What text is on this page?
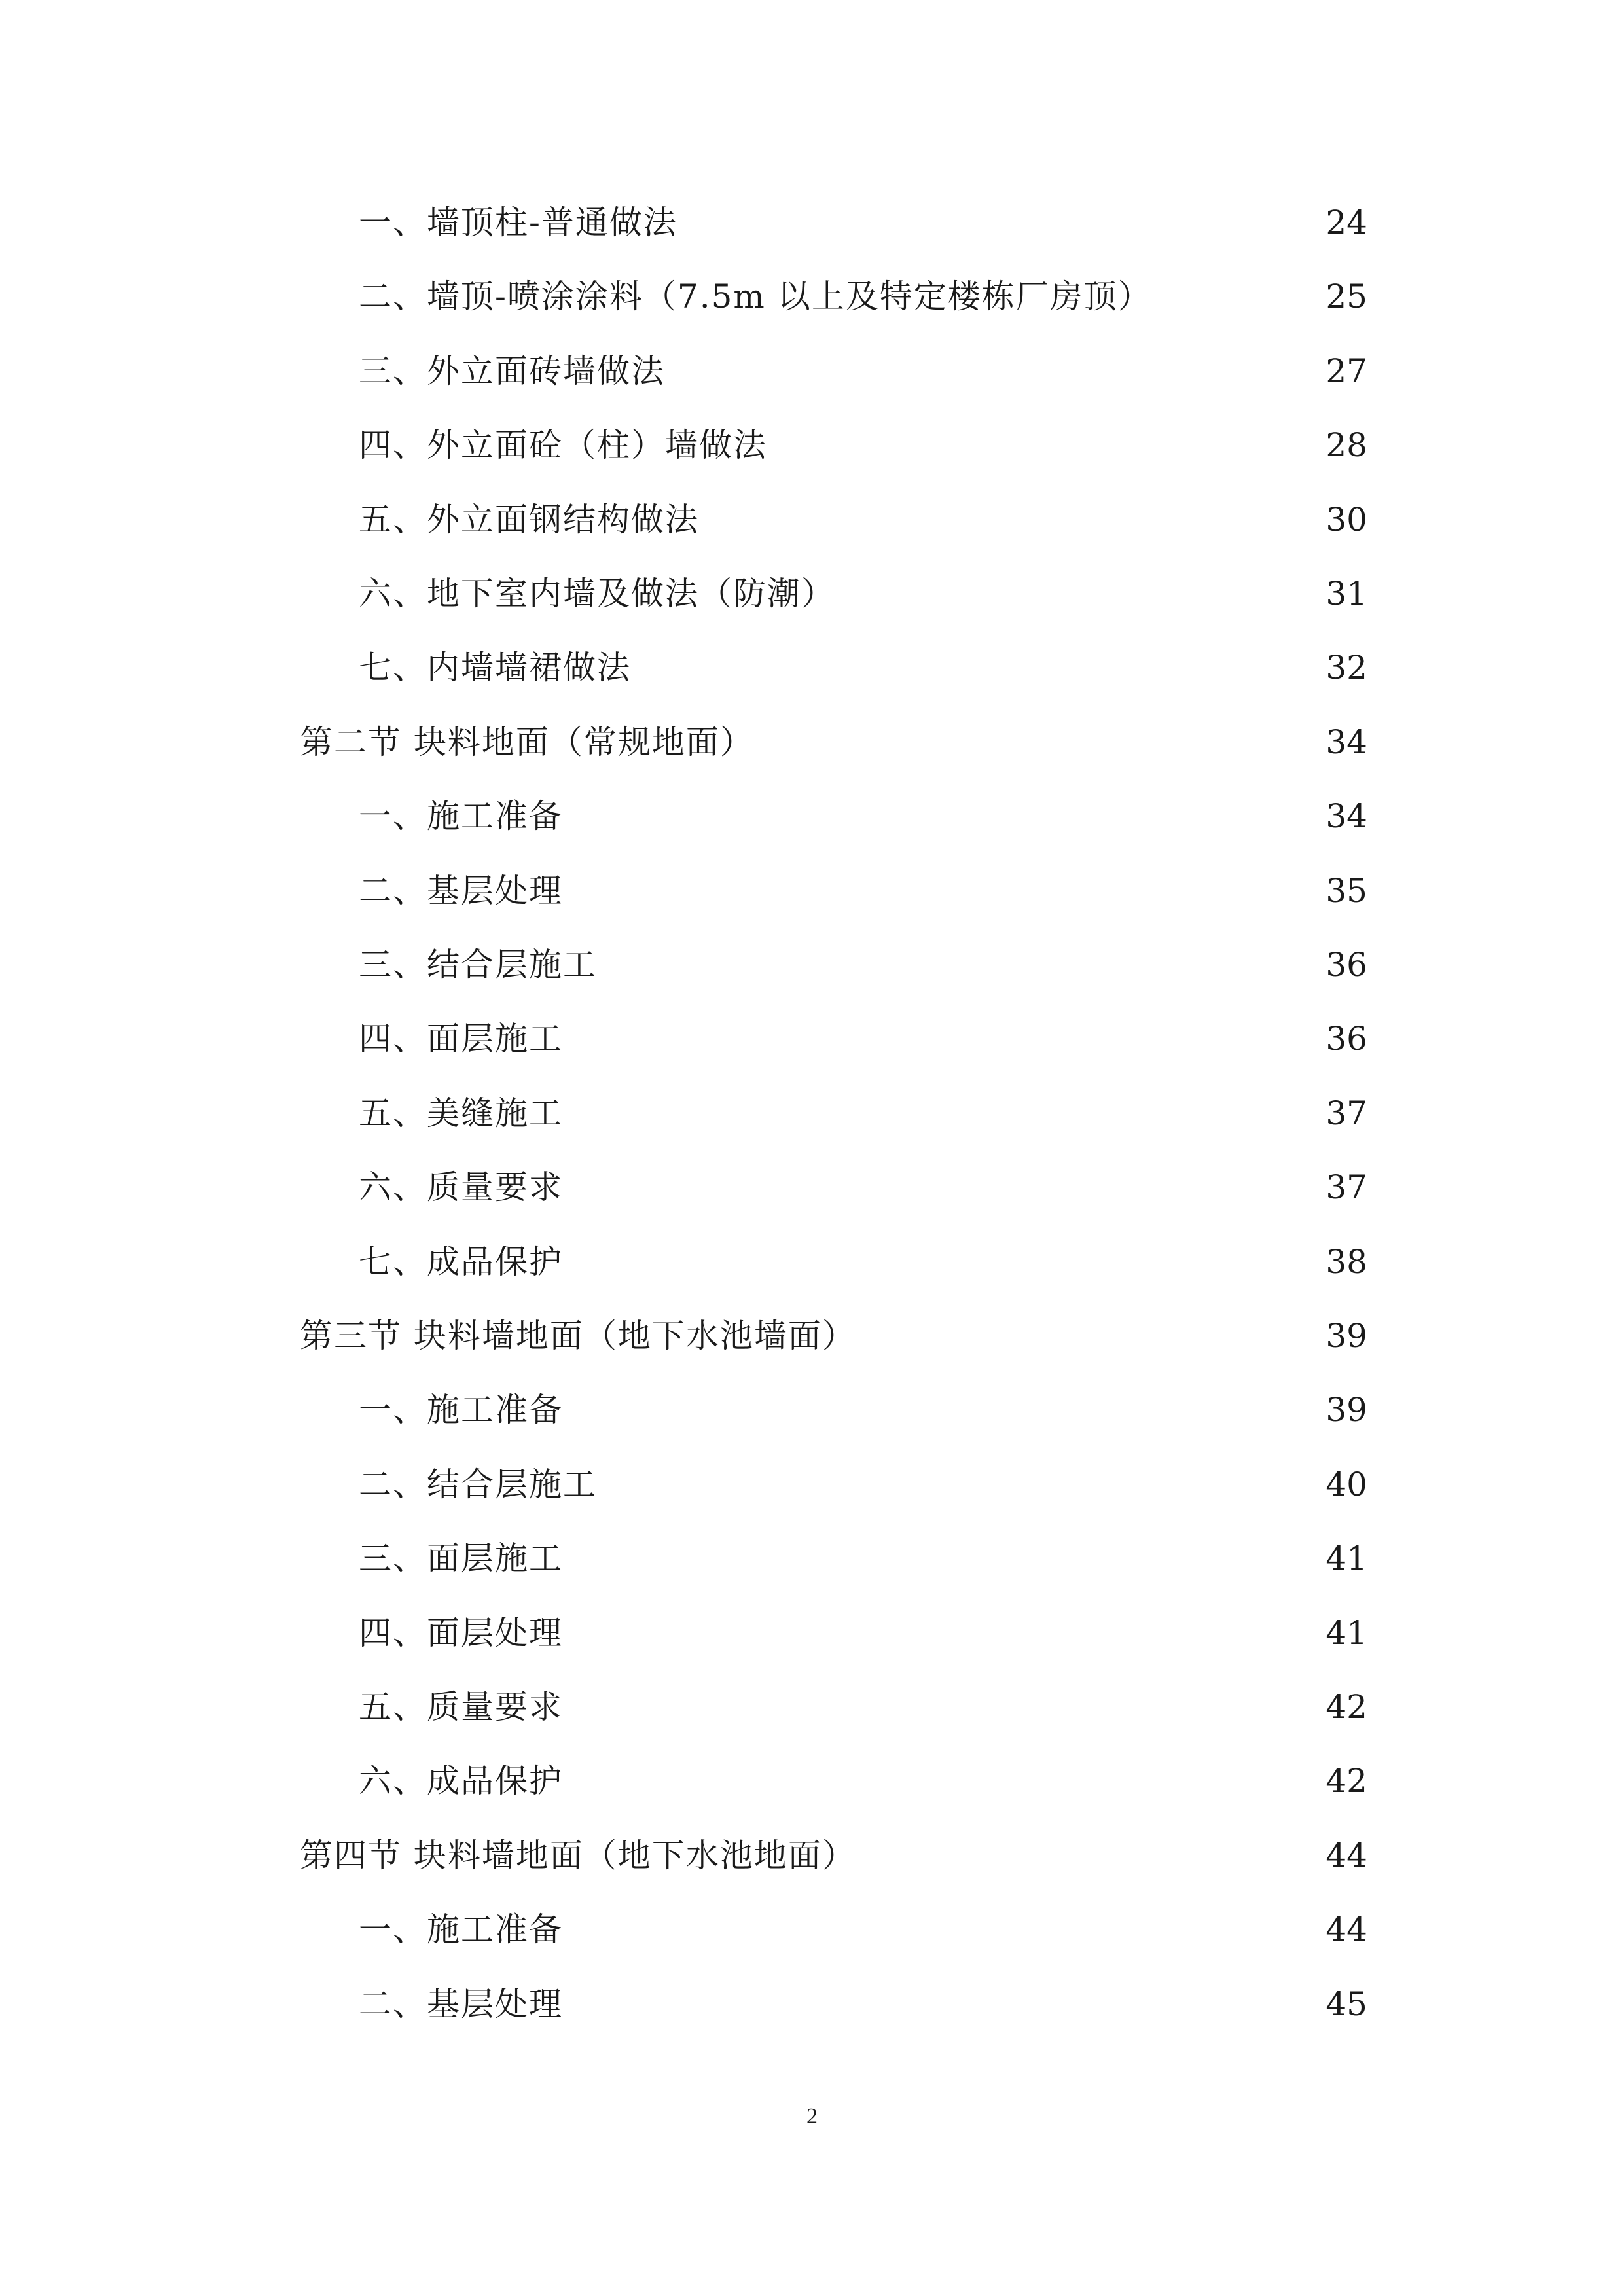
一、墙顶柱-普通做法	24
二、墙顶-喷涂涂料（7.5m 以上及特定楼栋厂房顶）	25
三、外立面砖墙做法	27
四、外立面砼（柱）墙做法	28
五、外立面钢结构做法	30
六、地下室内墙及做法（防潮）	31
七、内墙墙裙做法	32
第二节 块料地面（常规地面）	34
一、施工准备	34
二、基层处理	35
三、结合层施工	36
四、面层施工	36
五、美缝施工	37
六、质量要求	37
七、成品保护	38
第三节 块料墙地面（地下水池墙面）	39
一、施工准备	39
二、结合层施工	40
三、面层施工	41
四、面层处理	41
五、质量要求	42
六、成品保护	42
第四节 块料墙地面（地下水池地面）	44
一、施工准备	44
二、基层处理	45
2
